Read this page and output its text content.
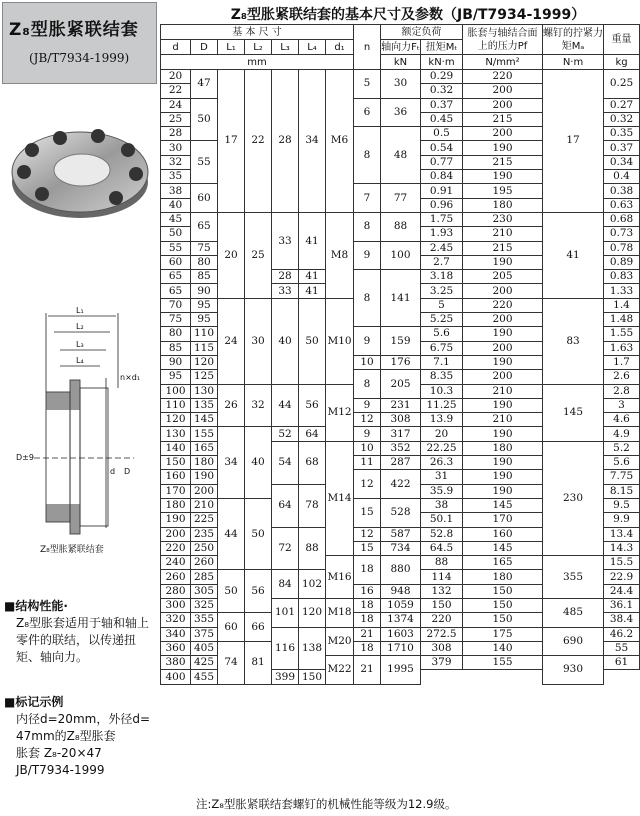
Z₈型胀紧联结套
(JB/T7934-1999)
L₁
L₂
L₃
L₄
D±9
d D
n×d₁
Z₈型胀紧联结套
■结构性能·
Z₈型胀套适用于轴和轴上零件的联结，以传递扭矩、轴向力。
■标记示例
内径d=20mm，外径d=
47mm的Z₈型胀套
胀套 Z₈-20×47
JB/T7934-1999
Z₈型胀紧联结套的基本尺寸及参数（JB/T7934-1999）
基 本 尺 寸							n	额定负荷		胀套与轴结合面上的压力Pf	螺钉的拧紧力矩Mₐ	重量
d	D	L₁	L₂	L₃	L₄	d₁		轴向力Fₜ	扭矩Mₜ			
mm								kN	kN·m	N/mm²	N·m	kg
20	47	17	22	28	34	M6	5	30	0.29	220	17	0.25
22									0.32	200		
24	50						6	36	0.37	200		0.27
25									0.45	215		0.32
28							8	48	0.5	200		0.35
30	55								0.54	190		0.37
32									0.77	215		0.34
35									0.84	190		0.4
38	60						7	77	0.91	195		0.38
40									0.96	180		0.63
45	65	20	25	33	41	M8	8	88	1.75	230	41	0.68
50									1.93	210		0.73
55	75						9	100	2.45	215		0.78
60	80								2.7	190		0.89
65	85			28	41		8	141	3.18	205		0.83
65	90			33	41				3.25	200		1.33
70	95	24	30	40	50	M10			5	220	83	1.4
75	95								5.25	200		1.48
80	110						9	159	5.6	190		1.55
85	115								6.75	200		1.63
90	120						10	176	7.1	190		1.7
95	125						8	205	8.35	200		2.6
100	130	26	32	44	56	M12			10.3	210	145	2.8
110	135						9	231	11.25	190		3
120	145						12	308	13.9	210		4.6
130	155	34	40	52	64		9	317	20	190		4.9
140	165			54	68	M14	10	352	22.25	180	230	5.2
150	180						11	287	26.3	190		5.6
160	190						12	422	31	190		7.75
170	200			64	78				35.9	190		8.15
180	210	44	50				15	528	38	145		9.5
190	225								50.1	170		9.9
200	235			72	88		12	587	52.8	160		13.4
220	250						15	734	64.5	145		14.3
240	260					M16	18	880	88	165	355	15.5
260	285	50	56	84	102				114	180		22.9
280	305						16	948	132	150		24.4
300	325			101	120	M18	18	1059	150	150	485	36.1
320	355	60	66				18	1374	220	150		38.4
340	375			116	138	M20	21	1603	272.5	175	690	46.2
360	405	74	81				18	1710	308	140		55
380	425					M22	21	1995	379	155	930	61
400	455			399	150							
注:Z₈型胀紧联结套螺钉的机械性能等级为12.9级。
